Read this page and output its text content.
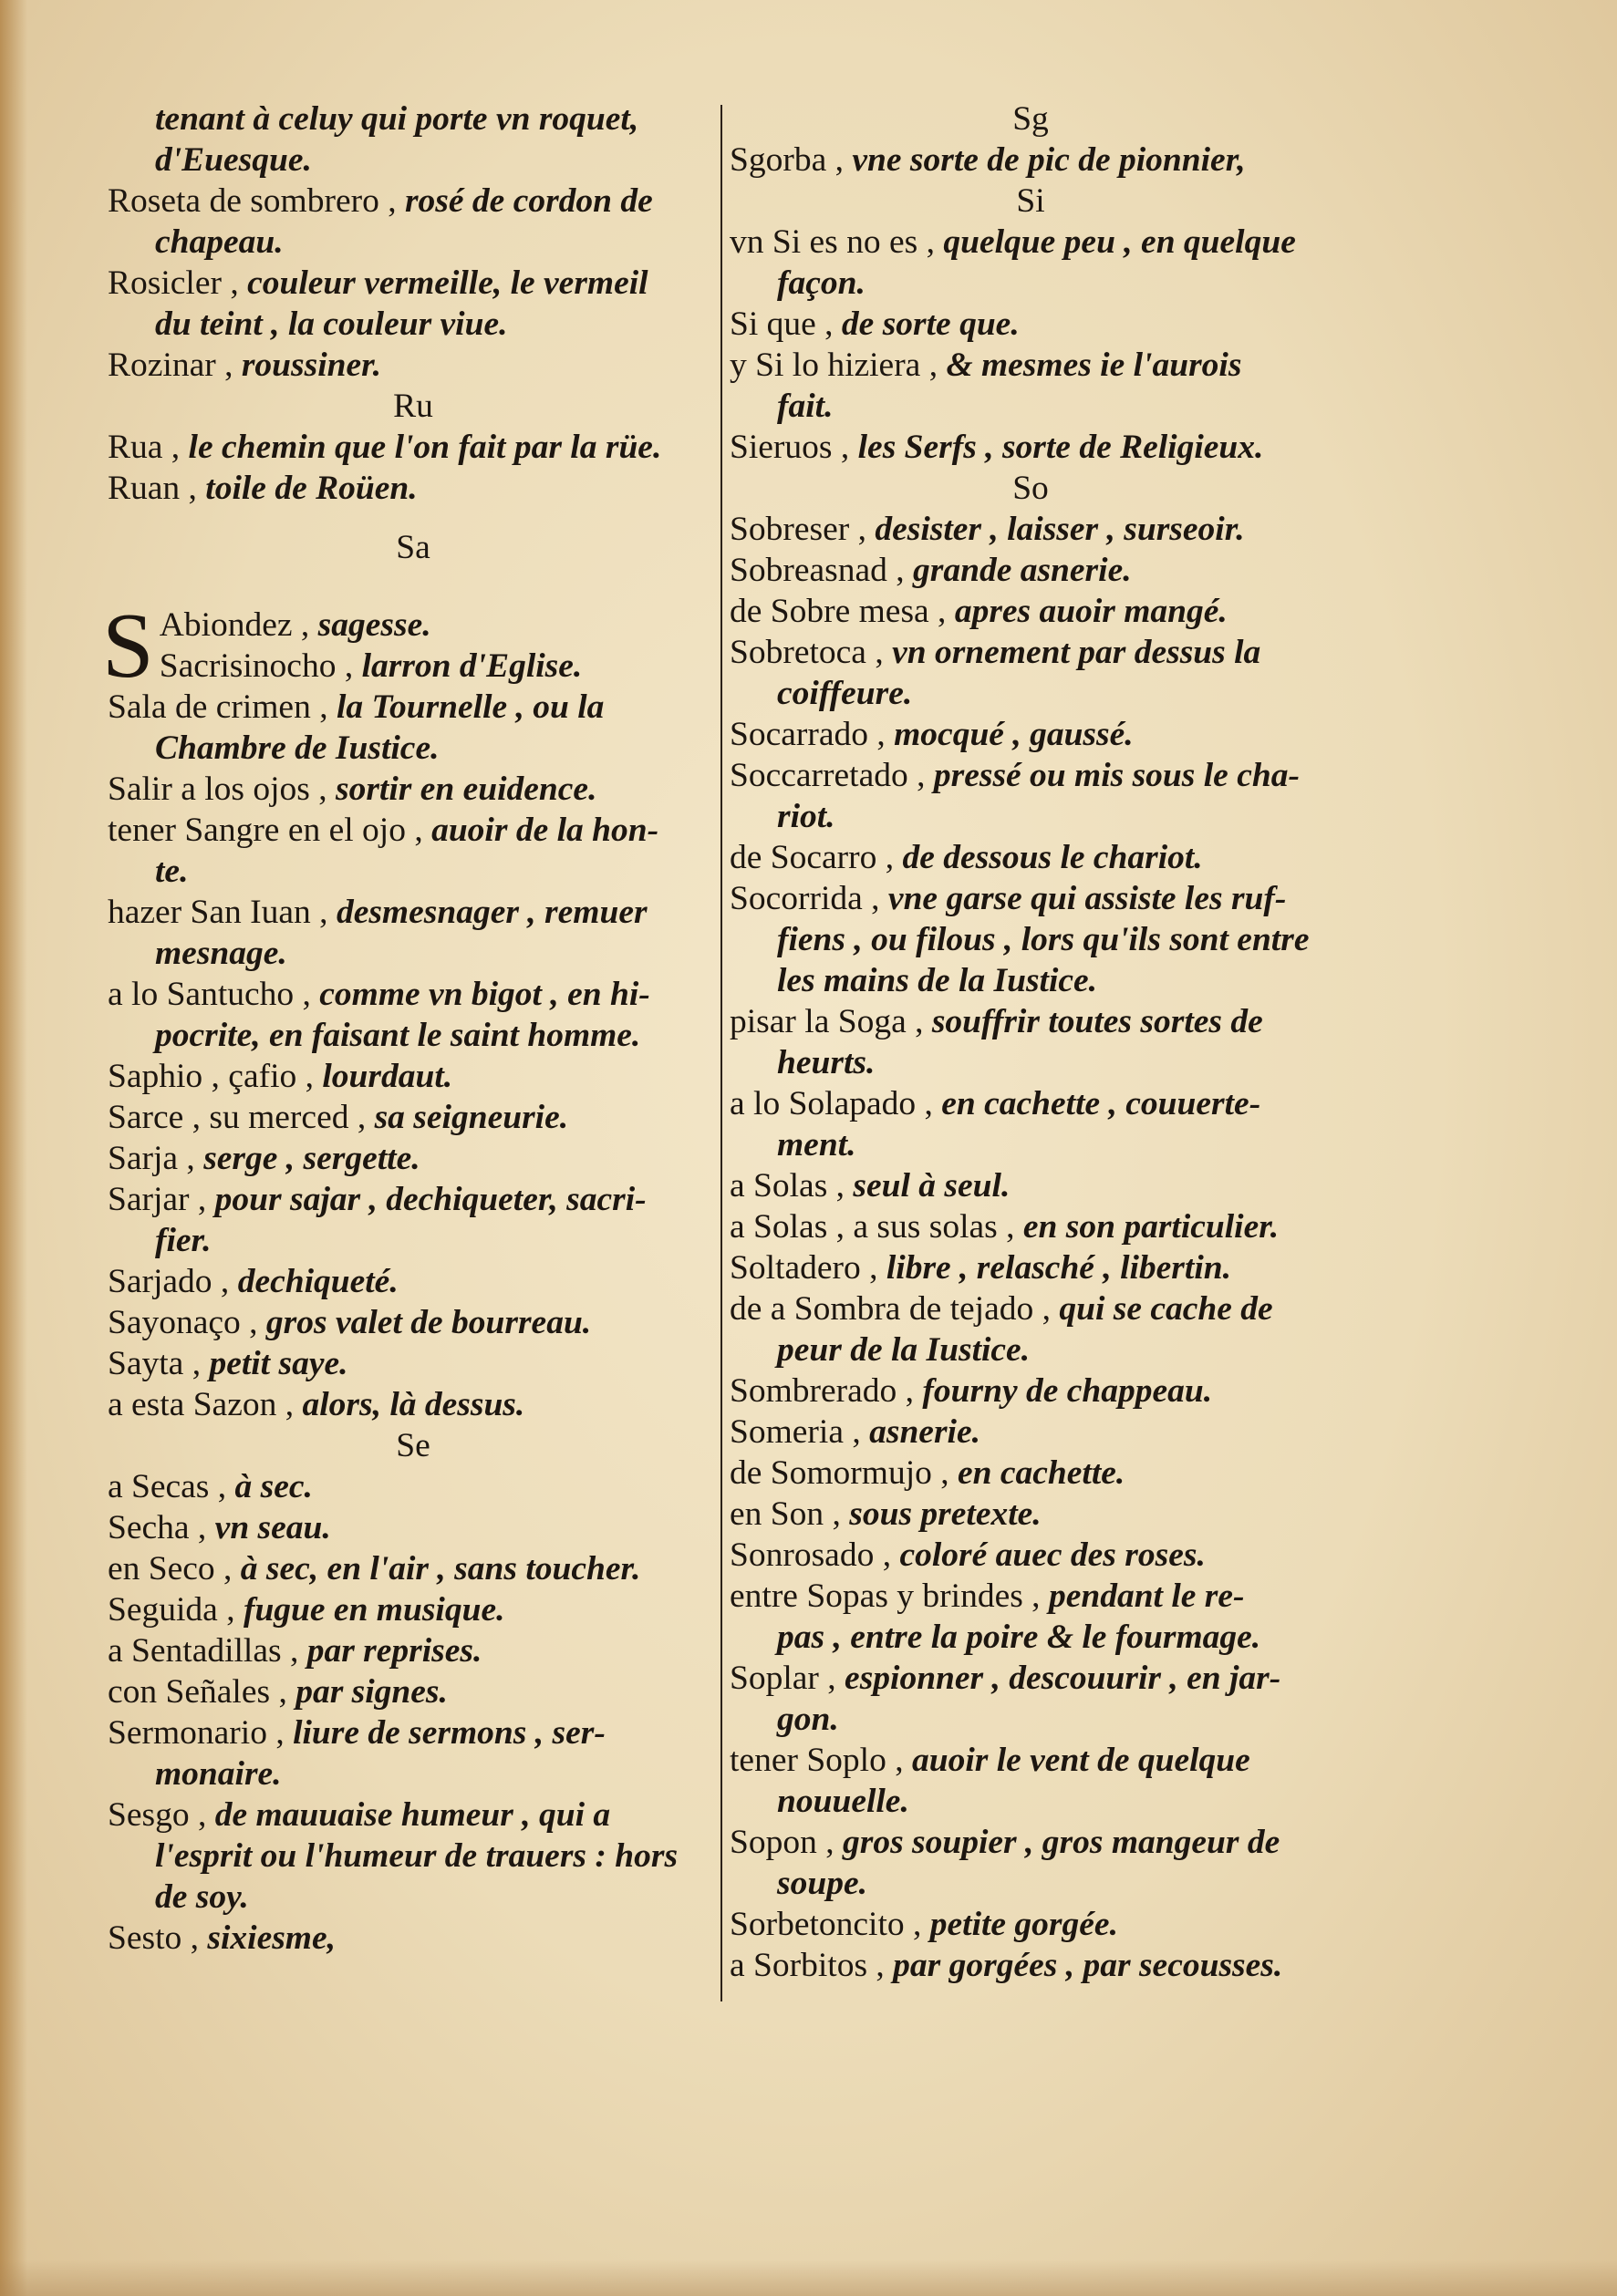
tenant à celuy qui porte vn roquet,

d'Euesque.

Roseta de sombrero , rosé de cordon de

chapeau.

Rosicler , couleur vermeille, le vermeil

du teint , la couleur viue.

Rozinar , roussiner.

Ru

Rua , le chemin que l'on fait par la rüe.

Ruan , toile de Roüen.

Sa

S Abiondez , sagesse.

Sacrisinocho , larron d'Eglise.

Sala de crimen , la Tournelle , ou la

Chambre de Iustice.

Salir a los ojos , sortir en euidence.

tener Sangre en el ojo , auoir de la hon-

te.

hazer San Iuan , desmesnager , remuer

mesnage.

a lo Santucho , comme vn bigot , en hi-

pocrite, en faisant le saint homme.

Saphio , çafio , lourdaut.

Sarce , su merced , sa seigneurie.

Sarja , serge , sergette.

Sarjar , pour sajar , dechiqueter, sacri-

fier.

Sarjado , dechiqueté.

Sayonaço , gros valet de bourreau.

Sayta , petit saye.

a esta Sazon , alors, là dessus.

Se

a Secas , à sec.

Secha , vn seau.

en Seco , à sec, en l'air , sans toucher.

Seguida , fugue en musique.

a Sentadillas , par reprises.

con Señales , par signes.

Sermonario , liure de sermons , ser-

monaire.

Sesgo , de mauuaise humeur , qui a

l'esprit ou l'humeur de trauers : hors

de soy.

Sesto , sixiesme,

Sg

Sgorba , vne sorte de pic de pionnier,

Si

vn Si es no es , quelque peu , en quelque

façon.

Si que , de sorte que.

y Si lo hiziera , & mesmes ie l'aurois

fait.

Sieruos , les Serfs , sorte de Religieux.

So

Sobreser , desister , laisser , surseoir.

Sobreasnad , grande asnerie.

de Sobre mesa , apres auoir mangé.

Sobretoca , vn ornement par dessus la

coiffeure.

Socarrado , mocqué , gaussé.

Soccarretado , pressé ou mis sous le cha-

riot.

de Socarro , de dessous le chariot.

Socorrida , vne garse qui assiste les ruf-

fiens , ou filous , lors qu'ils sont entre

les mains de la Iustice.

pisar la Soga , souffrir toutes sortes de

heurts.

a lo Solapado , en cachette , couuerte-

ment.

a Solas , seul à seul.

a Solas , a sus solas , en son particulier.

Soltadero , libre , relasché , libertin.

de a Sombra de tejado , qui se cache de

peur de la Iustice.

Sombrerado , fourny de chappeau.

Someria , asnerie.

de Somormujo , en cachette.

en Son , sous pretexte.

Sonrosado , coloré auec des roses.

entre Sopas y brindes , pendant le re-

pas , entre la poire & le fourmage.

Soplar , espionner , descouurir , en jar-

gon.

tener Soplo , auoir le vent de quelque

nouuelle.

Sopon , gros soupier , gros mangeur de

soupe.

Sorbetoncito , petite gorgée.

a Sorbitos , par gorgées , par secousses.
